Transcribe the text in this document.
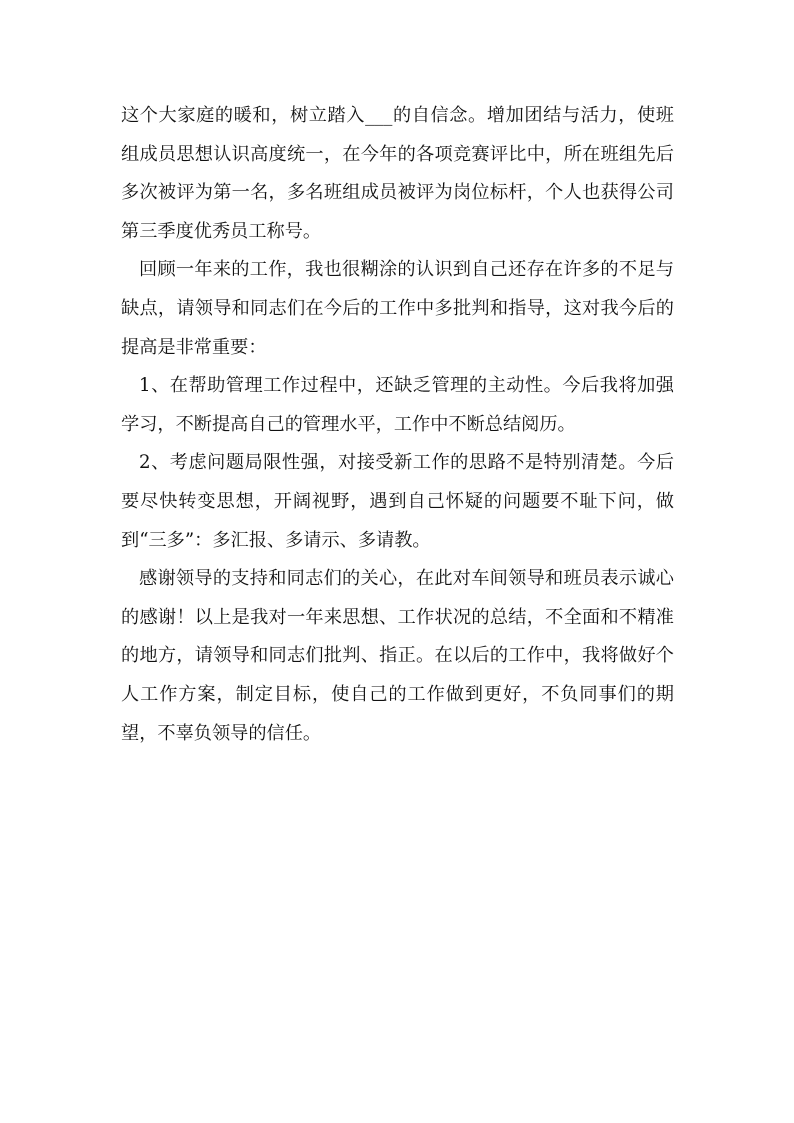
这个大家庭的暖和，树立踏入___的自信念。增加团结与活力，使班组成员思想认识高度统一，在今年的各项竞赛评比中，所在班组先后多次被评为第一名，多名班组成员被评为岗位标杆，个人也获得公司第三季度优秀员工称号。

回顾一年来的工作，我也很糊涂的认识到自己还存在许多的不足与缺点，请领导和同志们在今后的工作中多批判和指导，这对我今后的提高是非常重要：

1、在帮助管理工作过程中，还缺乏管理的主动性。今后我将加强学习，不断提高自己的管理水平，工作中不断总结阅历。

2、考虑问题局限性强，对接受新工作的思路不是特别清楚。今后要尽快转变思想，开阔视野，遇到自己怀疑的问题要不耻下问，做到“三多”：多汇报、多请示、多请教。

感谢领导的支持和同志们的关心，在此对车间领导和班员表示诚心的感谢！以上是我对一年来思想、工作状况的总结，不全面和不精准的地方，请领导和同志们批判、指正。在以后的工作中，我将做好个人工作方案，制定目标，使自己的工作做到更好，不负同事们的期望，不辜负领导的信任。
